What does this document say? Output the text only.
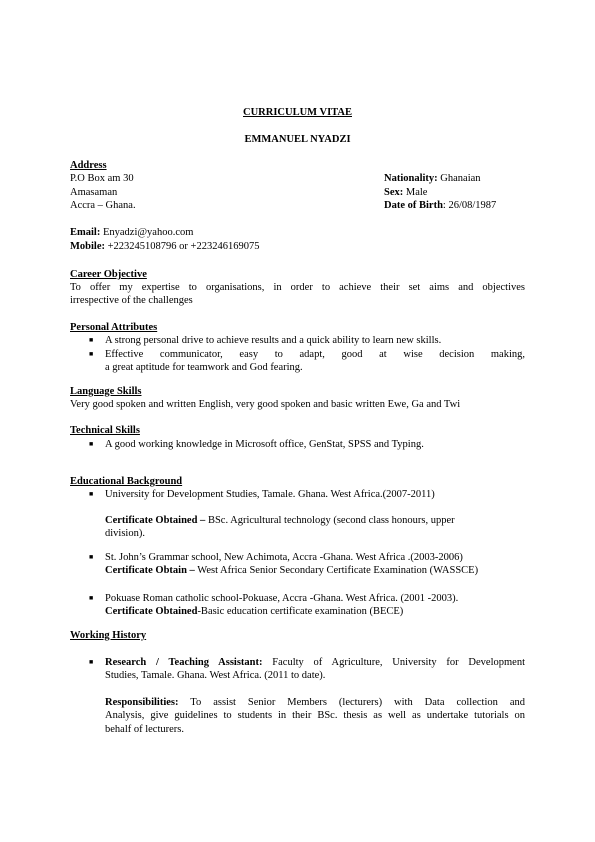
CURRICULUM VITAE
EMMANUEL NYADZI
Address
P.O Box am 30
Amasaman
Accra – Ghana.
Nationality: Ghanaian
Sex: Male
Date of Birth: 26/08/1987
Email: Enyadzi@yahoo.com
Mobile: +223245108796 or +223246169075
Career Objective
To offer my expertise to organisations, in order to achieve their set aims and objectives
irrespective of the challenges
Personal Attributes
■ A strong personal drive to achieve results and a quick ability to learn new skills.
■ Effective communicator, easy to adapt, good at wise decision making,
a great aptitude for teamwork and God fearing.
Language Skills
Very good spoken and written English, very good spoken and basic written Ewe, Ga and Twi
Technical Skills
■ A good working knowledge in Microsoft office, GenStat, SPSS and Typing.
Educational Background
■ University for Development Studies, Tamale. Ghana. West Africa.(2007-2011)
Certificate Obtained – BSc. Agricultural technology (second class honours, upper
division).
■ St. John’s Grammar school, New Achimota, Accra -Ghana. West Africa .(2003-2006)
Certificate Obtain – West Africa Senior Secondary Certificate Examination (WASSCE)
■ Pokuase Roman catholic school-Pokuase, Accra -Ghana. West Africa. (2001 -2003).
Certificate Obtained-Basic education certificate examination (BECE)
Working History
■ Research / Teaching Assistant: Faculty of Agriculture, University for Development
Studies, Tamale. Ghana. West Africa. (2011 to date).
Responsibilities: To assist Senior Members (lecturers) with Data collection and
Analysis, give guidelines to students in their BSc. thesis as well as undertake tutorials on
behalf of lecturers.
